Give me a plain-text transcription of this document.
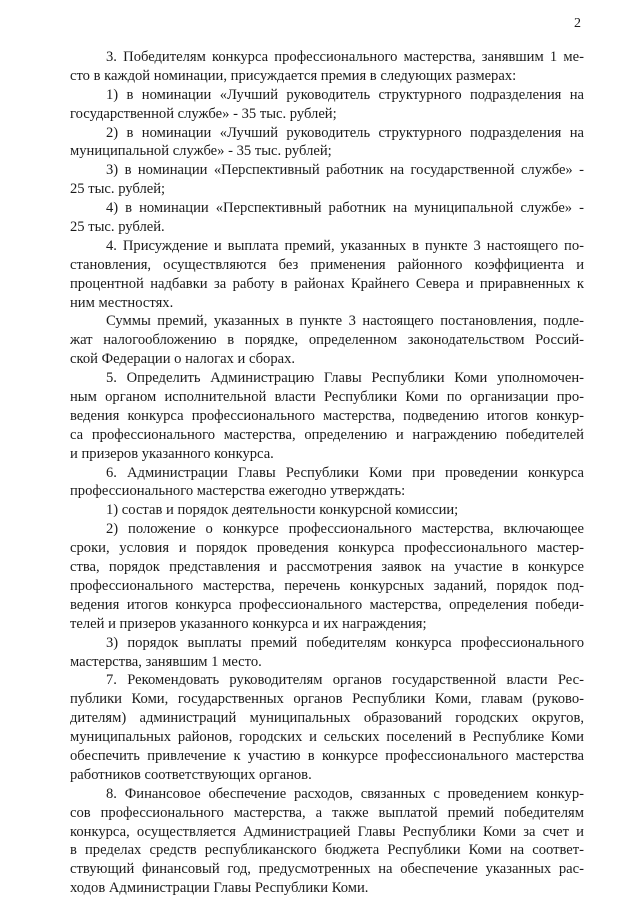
2
3. Победителям конкурса профессионального мастерства, занявшим 1 ме-
сто в каждой номинации, присуждается премия в следующих размерах:
1) в номинации «Лучший руководитель структурного подразделения на
государственной службе» - 35 тыс. рублей;
2) в номинации «Лучший руководитель структурного подразделения на
муниципальной службе» - 35 тыс. рублей;
3) в номинации «Перспективный работник на государственной службе» -
25 тыс. рублей;
4) в номинации «Перспективный работник на муниципальной службе» -
25 тыс. рублей.
4. Присуждение и выплата премий, указанных в пункте 3 настоящего по-
становления, осуществляются без применения районного коэффициента и
процентной надбавки за работу в районах Крайнего Севера и приравненных к
ним местностях.
Суммы премий, указанных в пункте 3 настоящего постановления, подле-
жат налогообложению в порядке, определенном законодательством Россий-
ской Федерации о налогах и сборах.
5. Определить Администрацию Главы Республики Коми уполномочен-
ным органом исполнительной власти Республики Коми по организации про-
ведения конкурса профессионального мастерства, подведению итогов конкур-
са профессионального мастерства, определению и награждению победителей
и призеров указанного конкурса.
6. Администрации Главы Республики Коми при проведении конкурса
профессионального мастерства ежегодно утверждать:
1) состав и порядок деятельности конкурсной комиссии;
2) положение о конкурсе профессионального мастерства, включающее
сроки, условия и порядок проведения конкурса профессионального мастер-
ства, порядок представления и рассмотрения заявок на участие в конкурсе
профессионального мастерства, перечень конкурсных заданий, порядок под-
ведения итогов конкурса профессионального мастерства, определения победи-
телей и призеров указанного конкурса и их награждения;
3) порядок выплаты премий победителям конкурса профессионального
мастерства, занявшим 1 место.
7. Рекомендовать руководителям органов государственной власти Рес-
публики Коми, государственных органов Республики Коми, главам (руково-
дителям) администраций муниципальных образований городских округов,
муниципальных районов, городских и сельских поселений в Республике Коми
обеспечить привлечение к участию в конкурсе профессионального мастерства
работников соответствующих органов.
8. Финансовое обеспечение расходов, связанных с проведением конкур-
сов профессионального мастерства, а также выплатой премий победителям
конкурса, осуществляется Администрацией Главы Республики Коми за счет и
в пределах средств республиканского бюджета Республики Коми на соответ-
ствующий финансовый год, предусмотренных на обеспечение указанных рас-
ходов Администрации Главы Республики Коми.
